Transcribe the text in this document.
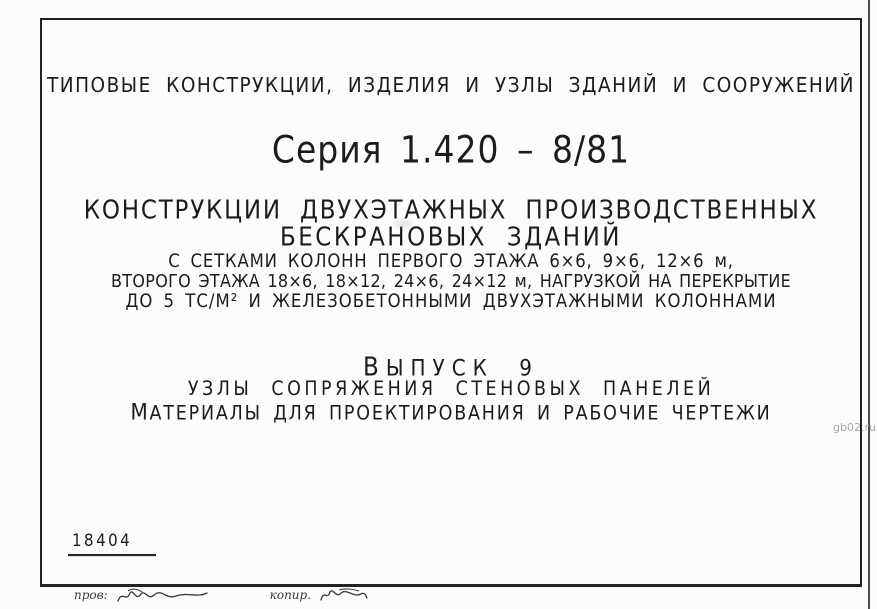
ТИПОВЫЕ КОНСТРУКЦИИ, ИЗДЕЛИЯ И УЗЛЫ ЗДАНИЙ И СООРУЖЕНИЙ
Серия 1.420 – 8/81
КОНСТРУКЦИИ ДВУХЭТАЖНЫХ ПРОИЗВОДСТВЕННЫХ
БЕСКРАНОВЫХ ЗДАНИЙ
С СЕТКАМИ КОЛОНН ПЕРВОГО ЭТАЖА 6×6, 9×6, 12×6 м,
ВТОРОГО ЭТАЖА 18×6, 18×12, 24×6, 24×12 м, НАГРУЗКОЙ НА ПЕРЕКРЫТИЕ
ДО 5 ТС/М² И ЖЕЛЕЗОБЕТОННЫМИ ДВУХЭТАЖНЫМИ КОЛОННАМИ
ВЫПУСК 9
УЗЛЫ СОПРЯЖЕНИЯ СТЕНОВЫХ ПАНЕЛЕЙ
МАТЕРИАЛЫ ДЛЯ ПРОЕКТИРОВАНИЯ И РАБОЧИЕ ЧЕРТЕЖИ
18404
пров:	копир.
gb02.ru
